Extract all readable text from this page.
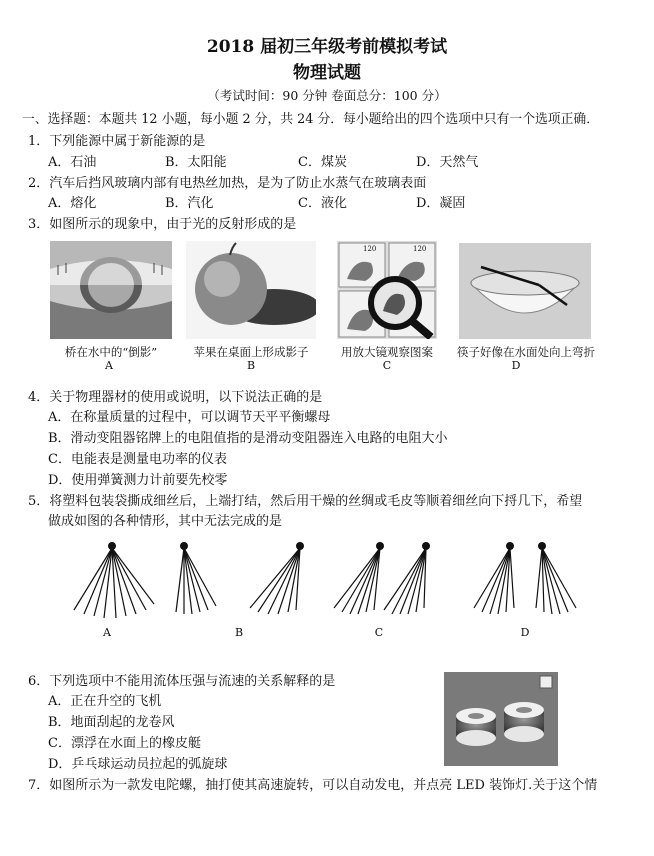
2018 届初三年级考前模拟考试
物理试题
（考试时间：90 分钟 卷面总分：100 分）
一、选择题：本题共 12 小题，每小题 2 分，共 24 分．每小题给出的四个选项中只有一个选项正确．
1．下列能源中属于新能源的是
A．石油	B．太阳能	C．煤炭	D．天然气
2．汽车后挡风玻璃内部有电热丝加热，是为了防止水蒸气在玻璃表面
A．熔化	B．汽化	C．液化	D．凝固
3．如图所示的现象中，由于光的反射形成的是
120	120
桥在水中的“倒影”	苹果在桌面上形成影子	用放大镜观察图案	筷子好像在水面处向上弯折
A	B	C	D
4．关于物理器材的使用或说明，以下说法正确的是
A．在称量质量的过程中，可以调节天平平衡螺母
B．滑动变阻器铭牌上的电阻值指的是滑动变阻器连入电路的电阻大小
C．电能表是测量电功率的仪表
D．使用弹簧测力计前要先校零
5．将塑料包装袋撕成细丝后，上端打结，然后用干燥的丝绸或毛皮等顺着细丝向下捋几下，希望
做成如图的各种情形，其中无法完成的是
A	B	C	D
6．下列选项中不能用流体压强与流速的关系解释的是
A．正在升空的飞机
B．地面刮起的龙卷风
C．漂浮在水面上的橡皮艇
D．乒乓球运动员拉起的弧旋球
7．如图所示为一款发电陀螺，抽打使其高速旋转，可以自动发电，并点亮 LED 装饰灯.关于这个情
